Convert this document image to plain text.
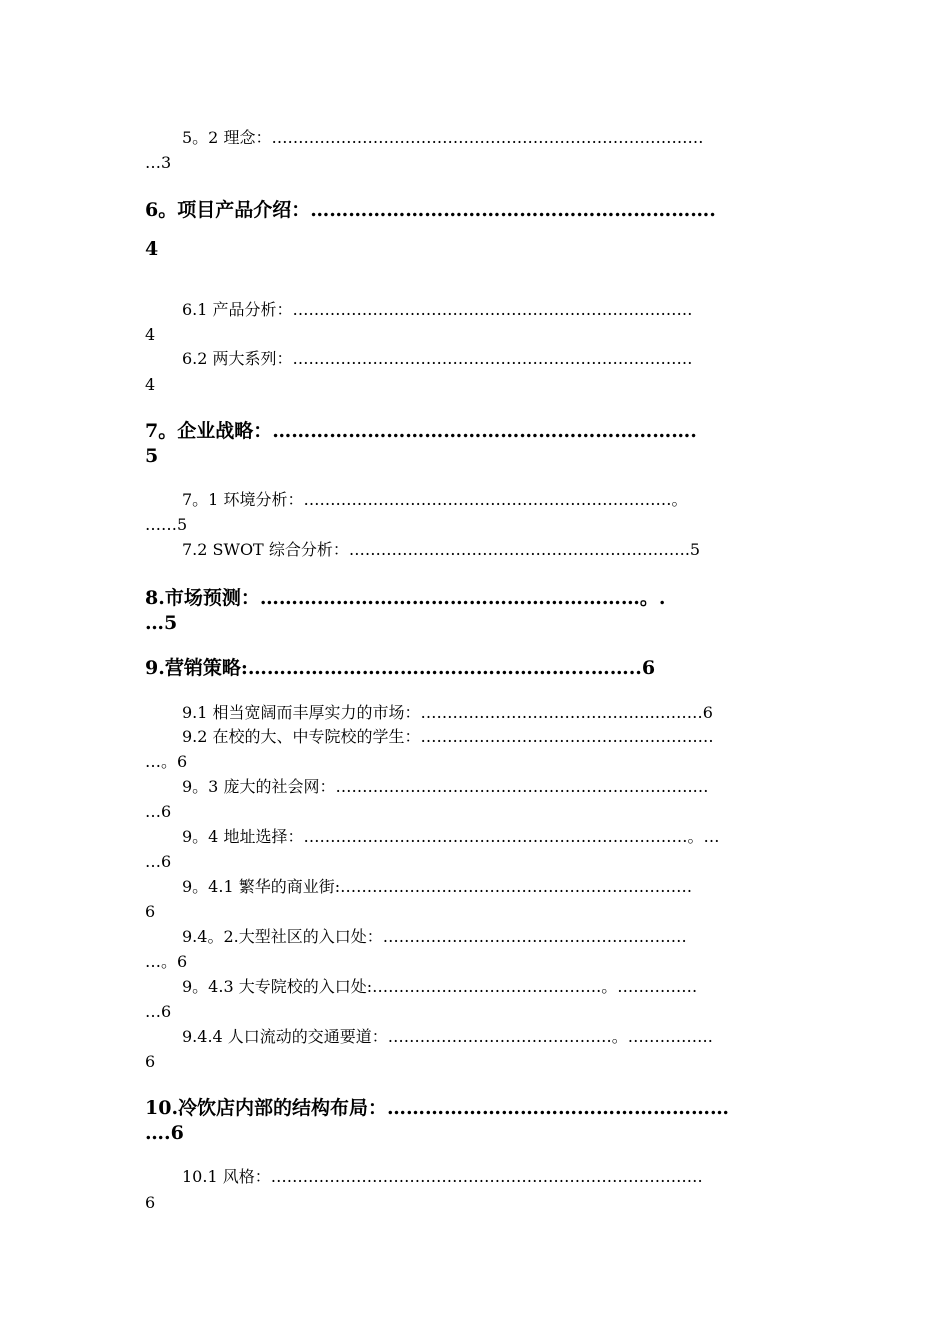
5。2 理念：………………………………………………………………………

…3

6。项目产品介绍：……………………………………………………….

4

6.1 产品分析：…………………………………………………………………

4

6.2 两大系列：…………………………………………………………………

4

7。企业战略：………………………………………………………….

5

7。1 环境分析：……………………………………………………………。

……5

7.2 SWOT 综合分析：……………………………………………………….5

8.市场预测：……………………………………………………。.

…5

9.营销策略:……………………………………………...……..6

9.1 相当宽阔而丰厚实力的市场：……………………………………..………6

9.2 在校的大、中专院校的学生：…………………………………………….…

…。6

9。3 庞大的社会网：………………………………………………………….…

…6

9。4 地址选择：………………………………………………………………。…

…6

9。4.1 繁华的商业街:…………………………………………………………

6

9.4。2.大型社区的入口处：…………………………………………………

…。6

9。4.3 大专院校的入口处:…………………………………….。……………

…6

9.4.4 人口流动的交通要道：……………………………………。…………….

6

10.冷饮店内部的结构布局：………………………………………………

….6

10.1 风格：………………………………………………………………………

6
